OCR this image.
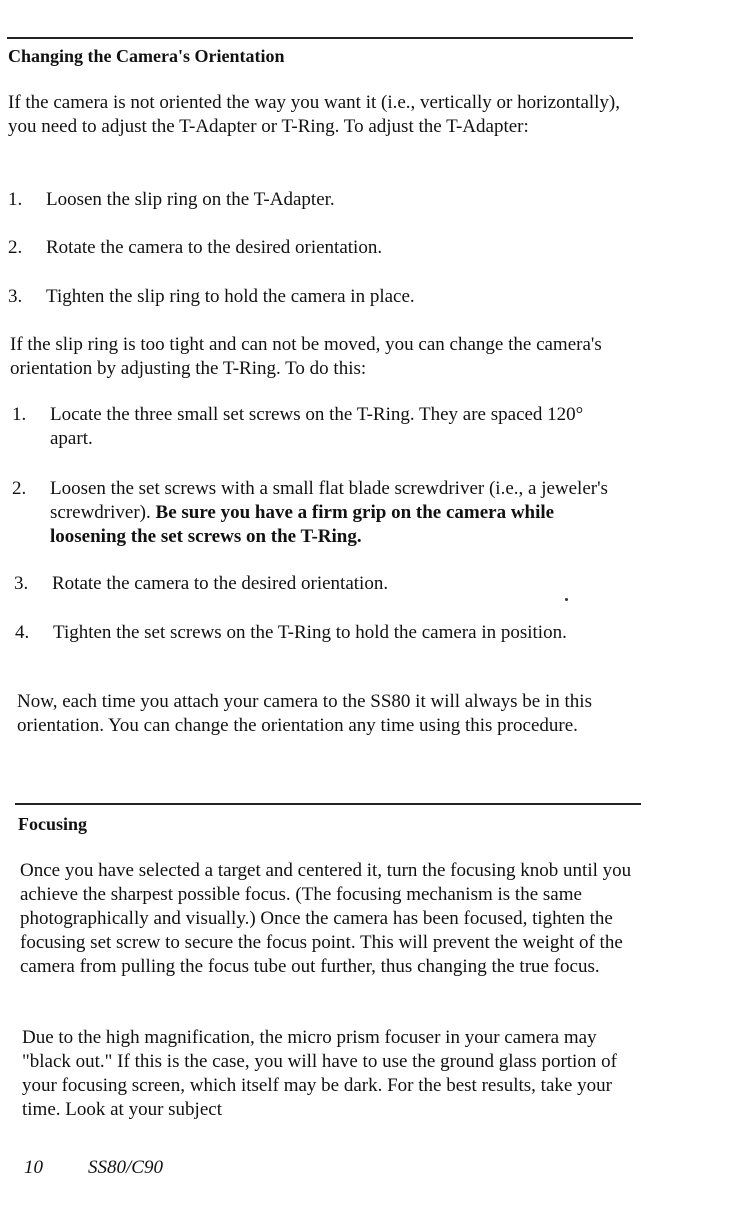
Changing the Camera's Orientation

If the camera is not oriented the way you want it (i.e., vertically or horizontally), you need to adjust the T-Adapter or T-Ring. To adjust the T-Adapter:

1. Loosen the slip ring on the T-Adapter.
2. Rotate the camera to the desired orientation.
3. Tighten the slip ring to hold the camera in place.

If the slip ring is too tight and can not be moved, you can change the camera's orientation by adjusting the T-Ring. To do this:

1. Locate the three small set screws on the T-Ring. They are spaced 120° apart.
2. Loosen the set screws with a small flat blade screwdriver (i.e., a jeweler's screwdriver). Be sure you have a firm grip on the camera while loosening the set screws on the T-Ring.
3. Rotate the camera to the desired orientation.
4. Tighten the set screws on the T-Ring to hold the camera in position.

Now, each time you attach your camera to the SS80 it will always be in this orientation. You can change the orientation any time using this procedure.

Focusing

Once you have selected a target and centered it, turn the focusing knob until you achieve the sharpest possible focus. (The focusing mechanism is the same photographically and visually.) Once the camera has been focused, tighten the focusing set screw to secure the focus point. This will prevent the weight of the camera from pulling the focus tube out further, thus changing the true focus.

Due to the high magnification, the micro prism focuser in your camera may "black out." If this is the case, you will have to use the ground glass portion of your focusing screen, which itself may be dark. For the best results, take your time. Look at your subject

10 SS80/C90
